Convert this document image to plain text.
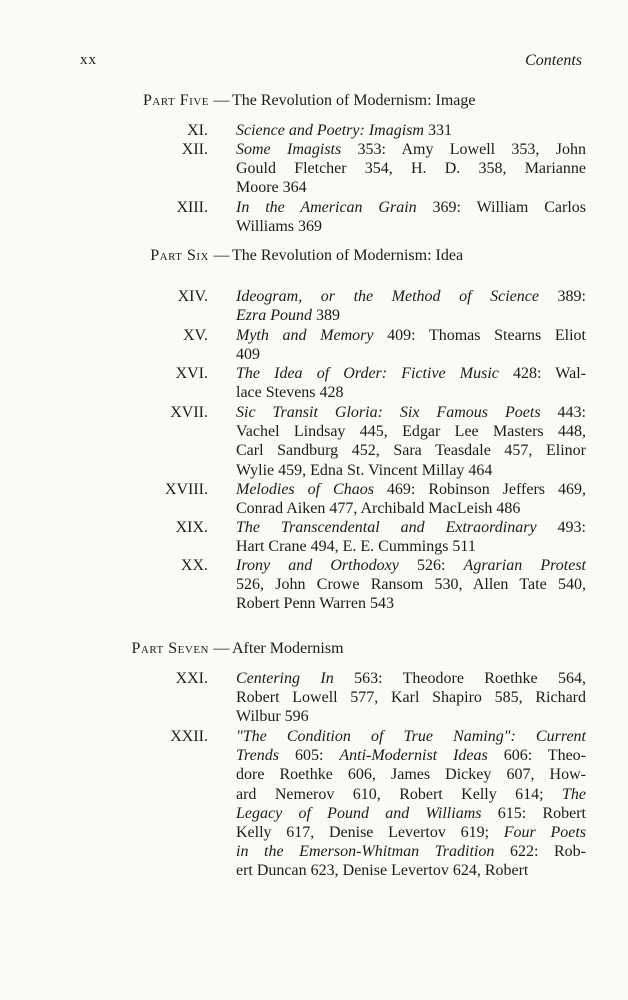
xx	Contents
Part Five — The Revolution of Modernism: Image
Part Six — The Revolution of Modernism: Idea
Part Seven — After Modernism
XI. Science and Poetry: Imagism 331
XII. Some Imagists 353: Amy Lowell 353, John
Gould Fletcher 354, H. D. 358, Marianne
Moore 364
XIII. In the American Grain 369: William Carlos
Williams 369
XIV. Ideogram, or the Method of Science 389:
Ezra Pound 389
XV. Myth and Memory 409: Thomas Stearns Eliot
409
XVI. The Idea of Order: Fictive Music 428: Wal-
lace Stevens 428
XVII. Sic Transit Gloria: Six Famous Poets 443:
Vachel Lindsay 445, Edgar Lee Masters 448,
Carl Sandburg 452, Sara Teasdale 457, Elinor
Wylie 459, Edna St. Vincent Millay 464
XVIII. Melodies of Chaos 469: Robinson Jeffers 469,
Conrad Aiken 477, Archibald MacLeish 486
XIX. The Transcendental and Extraordinary 493:
Hart Crane 494, E. E. Cummings 511
XX. Irony and Orthodoxy 526: Agrarian Protest
526, John Crowe Ransom 530, Allen Tate 540,
Robert Penn Warren 543
XXI. Centering In 563: Theodore Roethke 564,
Robert Lowell 577, Karl Shapiro 585, Richard
Wilbur 596
XXII. "The Condition of True Naming": Current
Trends 605: Anti-Modernist Ideas 606: Theo-
dore Roethke 606, James Dickey 607, How-
ard Nemerov 610, Robert Kelly 614; The
Legacy of Pound and Williams 615: Robert
Kelly 617, Denise Levertov 619; Four Poets
in the Emerson-Whitman Tradition 622: Rob-
ert Duncan 623, Denise Levertov 624, Robert
